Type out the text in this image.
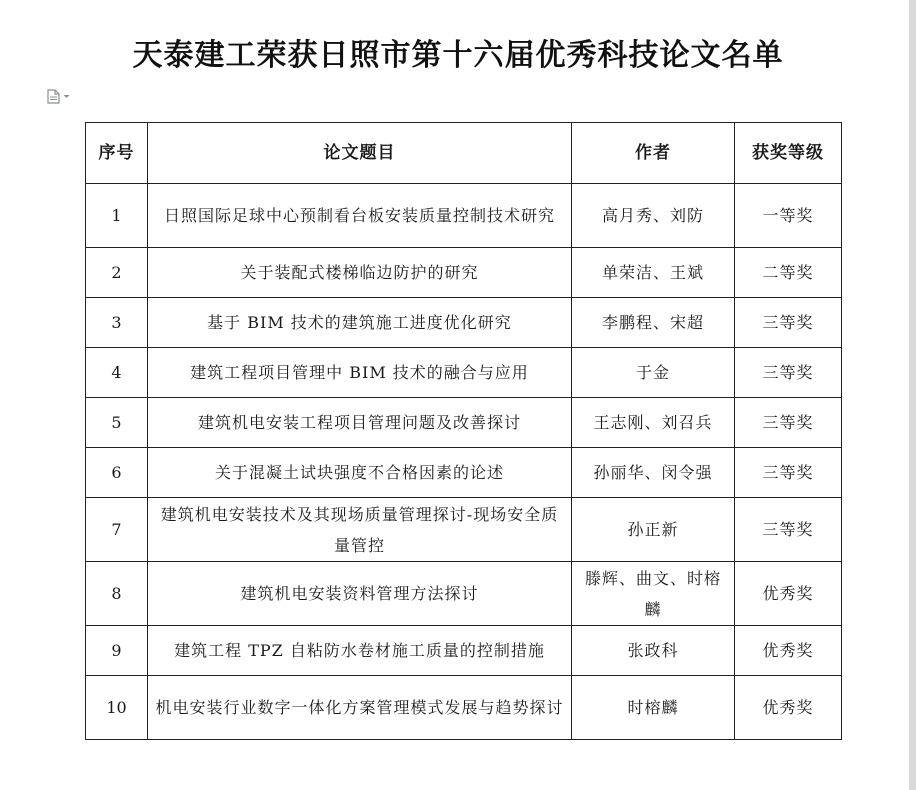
天泰建工荣获日照市第十六届优秀科技论文名单
序号	论文题目	作者	获奖等级
1	日照国际足球中心预制看台板安装质量控制技术研究	高月秀、刘防	一等奖
2	关于装配式楼梯临边防护的研究	单荣洁、王斌	二等奖
3	基于 BIM 技术的建筑施工进度优化研究	李鹏程、宋超	三等奖
4	建筑工程项目管理中 BIM 技术的融合与应用	于金	三等奖
5	建筑机电安装工程项目管理问题及改善探讨	王志刚、刘召兵	三等奖
6	关于混凝土试块强度不合格因素的论述	孙丽华、闵令强	三等奖
7	建筑机电安装技术及其现场质量管理探讨-现场安全质量管控	孙正新	三等奖
8	建筑机电安装资料管理方法探讨	滕辉、曲文、时榕麟	优秀奖
9	建筑工程 TPZ 自粘防水卷材施工质量的控制措施	张政科	优秀奖
10	机电安装行业数字一体化方案管理模式发展与趋势探讨	时榕麟	优秀奖
